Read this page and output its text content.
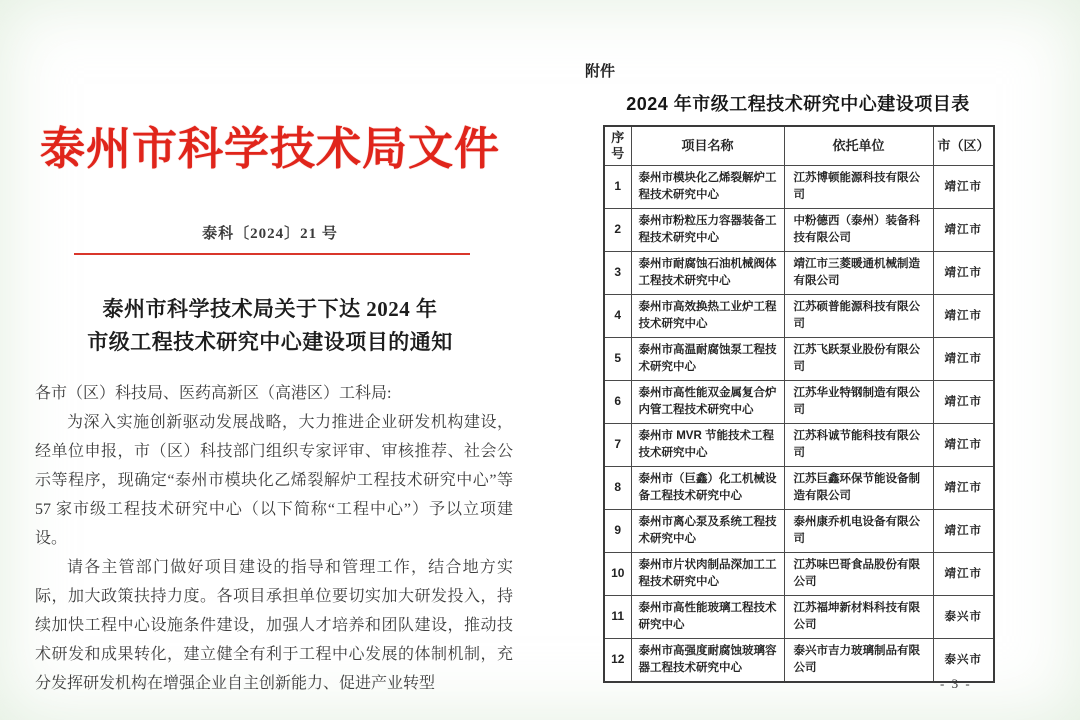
泰州市科学技术局文件
泰科〔2024〕21 号
泰州市科学技术局关于下达 2024 年
市级工程技术研究中心建设项目的通知

各市（区）科技局、医药高新区（高港区）工科局:

为深入实施创新驱动发展战略，大力推进企业研发机构建设，经单位申报，市（区）科技部门组织专家评审、审核推荐、社会公示等程序，现确定“泰州市模块化乙烯裂解炉工程技术研究中心”等 57 家市级工程技术研究中心（以下简称“工程中心”）予以立项建设。

请各主管部门做好项目建设的指导和管理工作，结合地方实际，加大政策扶持力度。各项目承担单位要切实加大研发投入，持续加快工程中心设施条件建设，加强人才培养和团队建设，推动技术研发和成果转化，建立健全有利于工程中心发展的体制机制，充分发挥研发机构在增强企业自主创新能力、促进产业转型

附件
2024 年市级工程技术研究中心建设项目表
序号	项目名称	依托单位	市（区）
1	泰州市模块化乙烯裂解炉工程技术研究中心	江苏博顿能源科技有限公司	靖江市
2	泰州市粉粒压力容器装备工程技术研究中心	中粉德西（泰州）装备科技有限公司	靖江市
3	泰州市耐腐蚀石油机械阀体工程技术研究中心	靖江市三菱暖通机械制造有限公司	靖江市
4	泰州市高效换热工业炉工程技术研究中心	江苏硕普能源科技有限公司	靖江市
5	泰州市高温耐腐蚀泵工程技术研究中心	江苏飞跃泵业股份有限公司	靖江市
6	泰州市高性能双金属复合炉内管工程技术研究中心	江苏华业特钢制造有限公司	靖江市
7	泰州市 MVR 节能技术工程技术研究中心	江苏科诚节能科技有限公司	靖江市
8	泰州市（巨鑫）化工机械设备工程技术研究中心	江苏巨鑫环保节能设备制造有限公司	靖江市
9	泰州市离心泵及系统工程技术研究中心	泰州康乔机电设备有限公司	靖江市
10	泰州市片状肉制品深加工工程技术研究中心	江苏味巴哥食品股份有限公司	靖江市
11	泰州市高性能玻璃工程技术研究中心	江苏福坤新材料科技有限公司	泰兴市
12	泰州市高强度耐腐蚀玻璃容器工程技术研究中心	泰兴市吉力玻璃制品有限公司	泰兴市
- 3 -
